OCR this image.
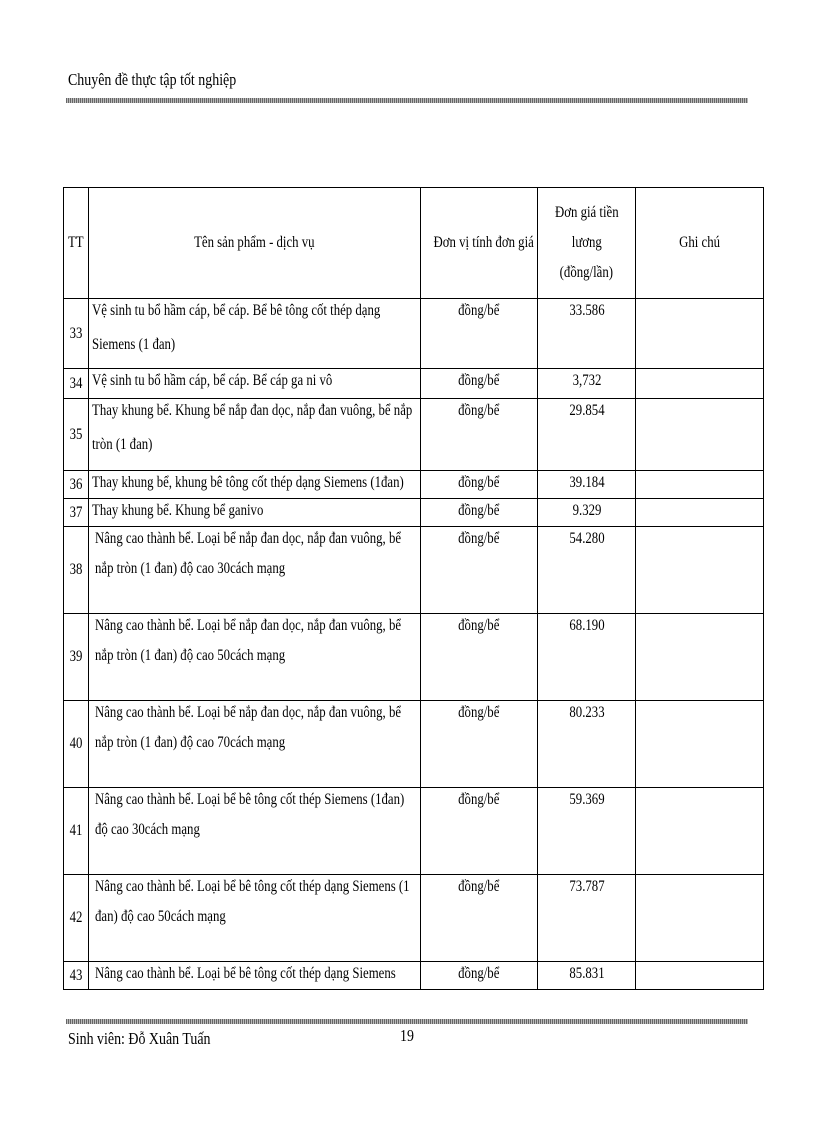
Chuyên đề thực tập tốt nghiệp
TT	Tên sản phẩm - dịch vụ	Đơn vị tính đơn giá	Đơn giá tiền
lương
(đồng/lần)	Ghi chú
33	Vệ sinh tu bổ hầm cáp, bể cáp. Bể bê tông cốt thép dạng
Siemens (1 đan)	đồng/bể	33.586	
34	Vệ sinh tu bổ hầm cáp, bể cáp. Bể cáp ga ni vô	đồng/bể	3,732	
35	Thay khung bể. Khung bể nắp đan dọc, nắp đan vuông, bể nắp
tròn (1 đan)	đồng/bể	29.854	
36	Thay khung bể, khung bê tông cốt thép dạng Siemens (1đan)	đồng/bể	39.184	
37	Thay khung bể. Khung bể ganivo	đồng/bể	9.329	
38	Nâng cao thành bể. Loại bể nắp đan dọc, nắp đan vuông, bể
nắp tròn (1 đan) độ cao 30cách mạng	đồng/bể	54.280	
39	Nâng cao thành bể. Loại bể nắp đan dọc, nắp đan vuông, bể
nắp tròn (1 đan) độ cao 50cách mạng	đồng/bể	68.190	
40	Nâng cao thành bể. Loại bể nắp đan dọc, nắp đan vuông, bể
nắp tròn (1 đan) độ cao 70cách mạng	đồng/bể	80.233	
41	Nâng cao thành bể. Loại bể bê tông cốt thép Siemens (1đan)
độ cao 30cách mạng	đồng/bể	59.369	
42	Nâng cao thành bể. Loại bể bê tông cốt thép dạng Siemens (1
đan) độ cao 50cách mạng	đồng/bể	73.787	
43	Nâng cao thành bể. Loại bể bê tông cốt thép dạng Siemens	đồng/bể	85.831	
Sinh viên: Đỗ Xuân Tuấn	19
